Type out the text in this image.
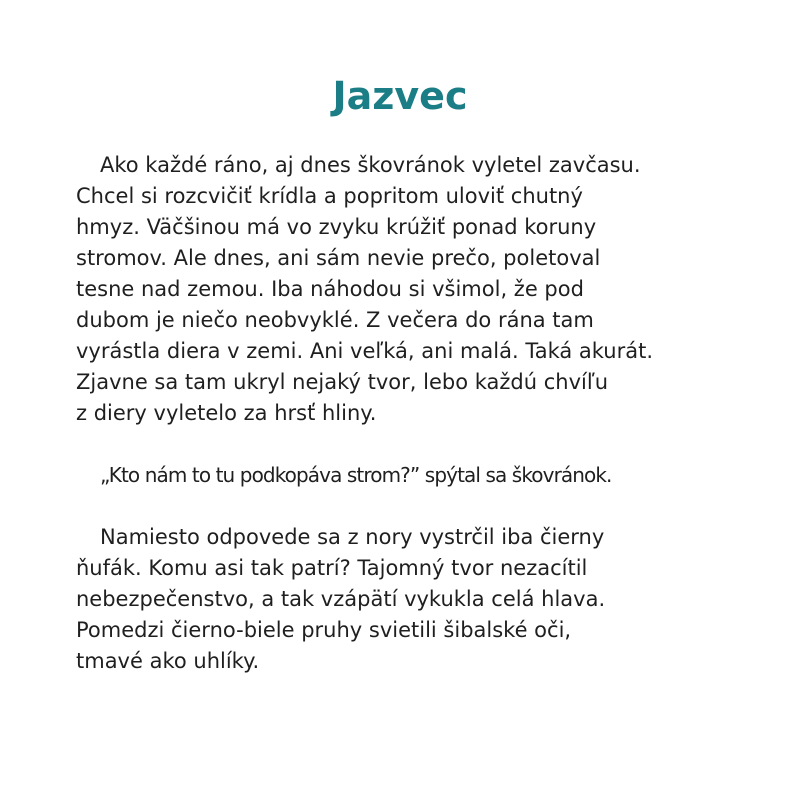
Jazvec

Ako každé ráno, aj dnes škovránok vyletel zavčasu.
Chcel si rozcvičiť krídla a popritom uloviť chutný
hmyz. Väčšinou má vo zvyku krúžiť ponad koruny
stromov. Ale dnes, ani sám nevie prečo, poletoval
tesne nad zemou. Iba náhodou si všimol, že pod
dubom je niečo neobvyklé. Z večera do rána tam
vyrástla diera v zemi. Ani veľká, ani malá. Taká akurát.
Zjavne sa tam ukryl nejaký tvor, lebo každú chvíľu
z diery vyletelo za hrsť hliny.

„Kto nám to tu podkopáva strom?” spýtal sa škovránok.

Namiesto odpovede sa z nory vystrčil iba čierny
ňufák. Komu asi tak patrí? Tajomný tvor nezacítil
nebezpečenstvo, a tak vzápätí vykukla celá hlava.
Pomedzi čierno-biele pruhy svietili šibalské oči,
tmavé ako uhlíky.
